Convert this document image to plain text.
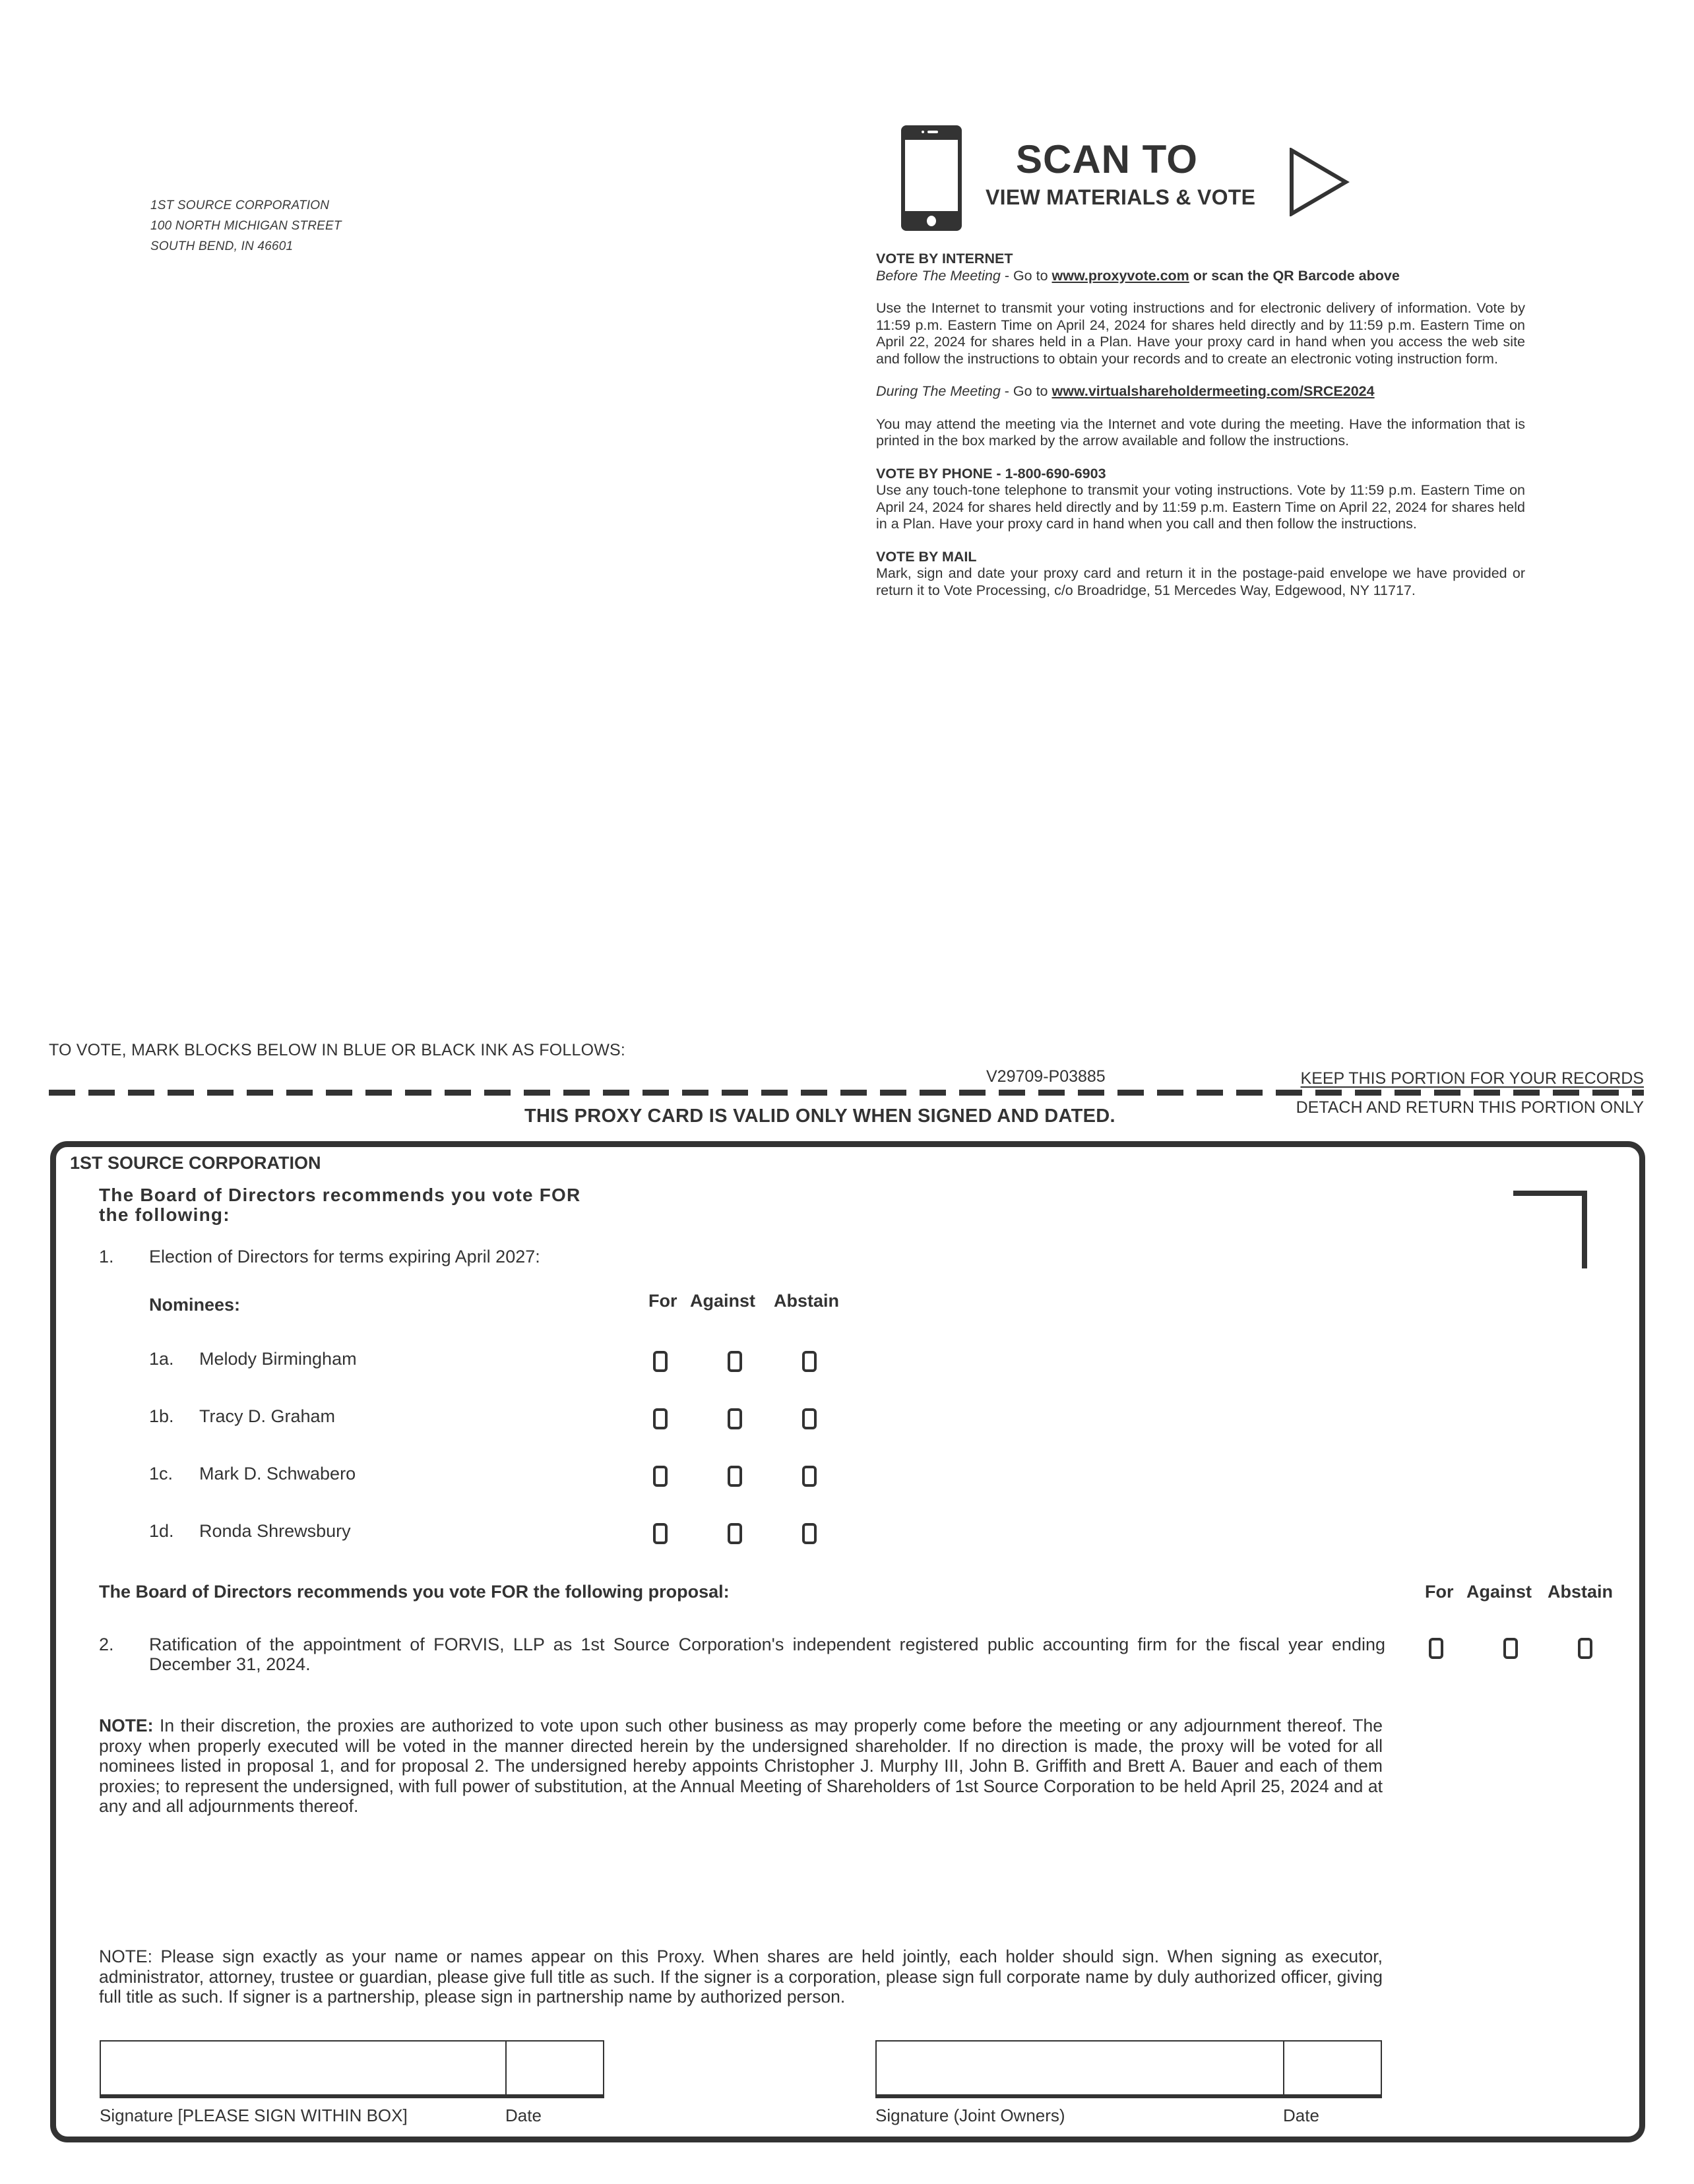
1ST SOURCE CORPORATION
100 NORTH MICHIGAN STREET
SOUTH BEND, IN 46601
SCAN TO
VIEW MATERIALS & VOTE

VOTE BY INTERNET

Before The Meeting - Go to www.proxyvote.com or scan the QR Barcode above

Use the Internet to transmit your voting instructions and for electronic delivery of information. Vote by 11:59 p.m. Eastern Time on April 24, 2024 for shares held directly and by 11:59 p.m. Eastern Time on April 22, 2024 for shares held in a Plan. Have your proxy card in hand when you access the web site and follow the instructions to obtain your records and to create an electronic voting instruction form.

During The Meeting - Go to www.virtualshareholdermeeting.com/SRCE2024

You may attend the meeting via the Internet and vote during the meeting. Have the information that is printed in the box marked by the arrow available and follow the instructions.

VOTE BY PHONE - 1-800-690-6903

Use any touch-tone telephone to transmit your voting instructions. Vote by 11:59 p.m. Eastern Time on April 24, 2024 for shares held directly and by 11:59 p.m. Eastern Time on April 22, 2024 for shares held in a Plan. Have your proxy card in hand when you call and then follow the instructions.

VOTE BY MAIL

Mark, sign and date your proxy card and return it in the postage-paid envelope we have provided or return it to Vote Processing, c/o Broadridge, 51 Mercedes Way, Edgewood, NY 11717.

TO VOTE, MARK BLOCKS BELOW IN BLUE OR BLACK INK AS FOLLOWS:
V29709-P03885	KEEP THIS PORTION FOR YOUR RECORDS
DETACH AND RETURN THIS PORTION ONLY
THIS PROXY CARD IS VALID ONLY WHEN SIGNED AND DATED.
1ST SOURCE CORPORATION
The Board of Directors recommends you vote FOR
the following:
1. Election of Directors for terms expiring April 2027:
Nominees:	For Against Abstain
1a. Melody Birmingham
1b. Tracy D. Graham
1c. Mark D. Schwabero
1d. Ronda Shrewsbury
The Board of Directors recommends you vote FOR the following proposal:	For Against Abstain
2. Ratification of the appointment of FORVIS, LLP as 1st Source Corporation's independent registered public accounting firm for the fiscal year ending December 31, 2024.
NOTE: In their discretion, the proxies are authorized to vote upon such other business as may properly come before the meeting or any adjournment thereof. The proxy when properly executed will be voted in the manner directed herein by the undersigned shareholder. If no direction is made, the proxy will be voted for all nominees listed in proposal 1, and for proposal 2. The undersigned hereby appoints Christopher J. Murphy III, John B. Griffith and Brett A. Bauer and each of them proxies; to represent the undersigned, with full power of substitution, at the Annual Meeting of Shareholders of 1st Source Corporation to be held April 25, 2024 and at any and all adjournments thereof.
NOTE: Please sign exactly as your name or names appear on this Proxy. When shares are held jointly, each holder should sign. When signing as executor, administrator, attorney, trustee or guardian, please give full title as such. If the signer is a corporation, please sign full corporate name by duly authorized officer, giving full title as such. If signer is a partnership, please sign in partnership name by authorized person.
Signature [PLEASE SIGN WITHIN BOX]	Date	Signature (Joint Owners)	Date
